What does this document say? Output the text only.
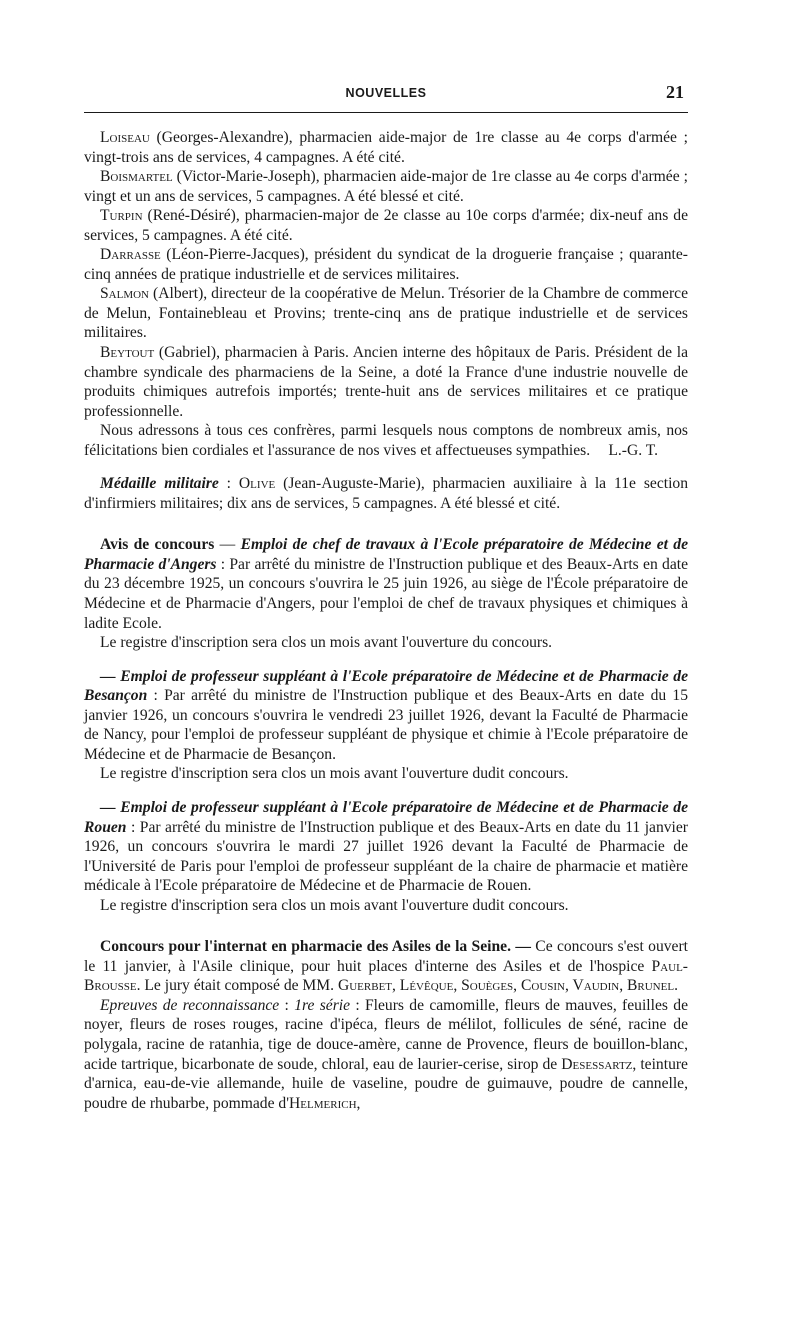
NOUVELLES	21

Loiseau (Georges-Alexandre), pharmacien aide-major de 1re classe au 4e corps d'armée ; vingt-trois ans de services, 4 campagnes. A été cité.

Boismartel (Victor-Marie-Joseph), pharmacien aide-major de 1re classe au 4e corps d'armée ; vingt et un ans de services, 5 campagnes. A été blessé et cité.

Turpin (René-Désiré), pharmacien-major de 2e classe au 10e corps d'armée; dix-neuf ans de services, 5 campagnes. A été cité.

Darrasse (Léon-Pierre-Jacques), président du syndicat de la droguerie française ; quarante-cinq années de pratique industrielle et de services militaires.

Salmon (Albert), directeur de la coopérative de Melun. Trésorier de la Chambre de commerce de Melun, Fontainebleau et Provins; trente-cinq ans de pratique industrielle et de services militaires.

Beytout (Gabriel), pharmacien à Paris. Ancien interne des hôpitaux de Paris. Président de la chambre syndicale des pharmaciens de la Seine, a doté la France d'une industrie nouvelle de produits chimiques autrefois importés; trente-huit ans de services militaires et ce pratique professionnelle.

Nous adressons à tous ces confrères, parmi lesquels nous comptons de nombreux amis, nos félicitations bien cordiales et l'assurance de nos vives et affectueuses sympathies.	L.-G. T.

Médaille militaire : Olive (Jean-Auguste-Marie), pharmacien auxiliaire à la 11e section d'infirmiers militaires; dix ans de services, 5 campagnes. A été blessé et cité.

Avis de concours — Emploi de chef de travaux à l'Ecole préparatoire de Médecine et de Pharmacie d'Angers : Par arrêté du ministre de l'Instruction publique et des Beaux-Arts en date du 23 décembre 1925, un concours s'ouvrira le 25 juin 1926, au siège de l'École préparatoire de Médecine et de Pharmacie d'Angers, pour l'emploi de chef de travaux physiques et chimiques à ladite Ecole.

Le registre d'inscription sera clos un mois avant l'ouverture du concours.

— Emploi de professeur suppléant à l'Ecole préparatoire de Médecine et de Pharmacie de Besançon : Par arrêté du ministre de l'Instruction publique et des Beaux-Arts en date du 15 janvier 1926, un concours s'ouvrira le vendredi 23 juillet 1926, devant la Faculté de Pharmacie de Nancy, pour l'emploi de professeur suppléant de physique et chimie à l'Ecole préparatoire de Médecine et de Pharmacie de Besançon.

Le registre d'inscription sera clos un mois avant l'ouverture dudit concours.

— Emploi de professeur suppléant à l'Ecole préparatoire de Médecine et de Pharmacie de Rouen : Par arrêté du ministre de l'Instruction publique et des Beaux-Arts en date du 11 janvier 1926, un concours s'ouvrira le mardi 27 juillet 1926 devant la Faculté de Pharmacie de l'Université de Paris pour l'emploi de professeur suppléant de la chaire de pharmacie et matière médicale à l'Ecole préparatoire de Médecine et de Pharmacie de Rouen.

Le registre d'inscription sera clos un mois avant l'ouverture dudit concours.

Concours pour l'internat en pharmacie des Asiles de la Seine. — Ce concours s'est ouvert le 11 janvier, à l'Asile clinique, pour huit places d'interne des Asiles et de l'hospice Paul-Brousse. Le jury était composé de MM. Guerbet, Lévêque, Souèges, Cousin, Vaudin, Brunel.

Epreuves de reconnaissance : 1re série : Fleurs de camomille, fleurs de mauves, feuilles de noyer, fleurs de roses rouges, racine d'ipéca, fleurs de mélilot, follicules de séné, racine de polygala, racine de ratanhia, tige de douce-amère, canne de Provence, fleurs de bouillon-blanc, acide tartrique, bicarbonate de soude, chloral, eau de laurier-cerise, sirop de Desessartz, teinture d'arnica, eau-de-vie allemande, huile de vaseline, poudre de guimauve, poudre de cannelle, poudre de rhubarbe, pommade d'Helmerich,
